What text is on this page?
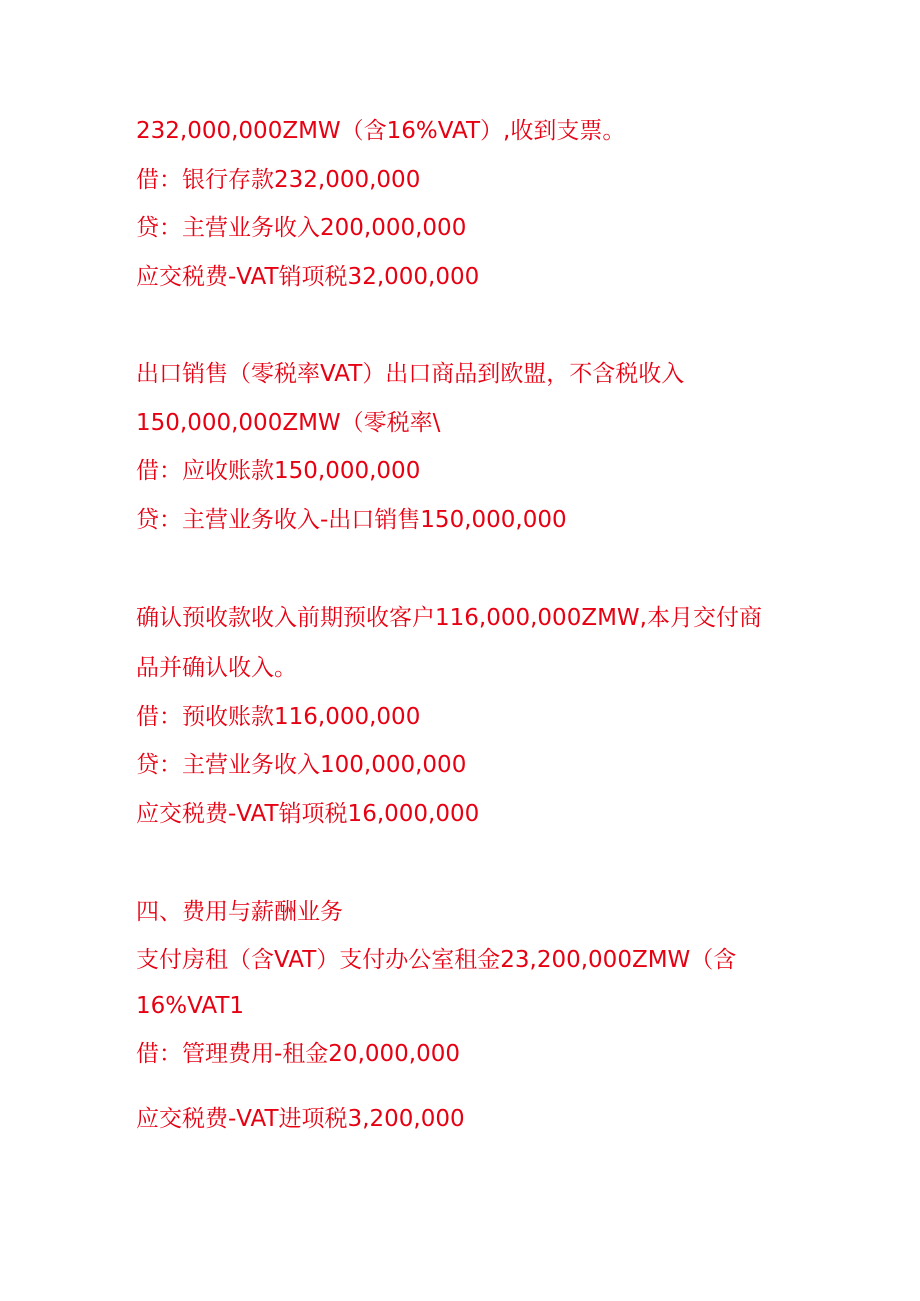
232,000,000ZMW（含16%VAT）,收到支票。

借：银行存款232,000,000

贷：主营业务收入200,000,000

应交税费-VAT销项税32,000,000

出口销售（零税率VAT）出口商品到欧盟，不含税收入

150,000,000ZMW（零税率\

借：应收账款150,000,000

贷：主营业务收入-出口销售150,000,000

确认预收款收入前期预收客户116,000,000ZMW,本月交付商

品并确认收入。

借：预收账款116,000,000

贷：主营业务收入100,000,000

应交税费-VAT销项税16,000,000

四、费用与薪酬业务

支付房租（含VAT）支付办公室租金23,200,000ZMW（含

16%VAT1

借：管理费用-租金20,000,000

应交税费-VAT进项税3,200,000
